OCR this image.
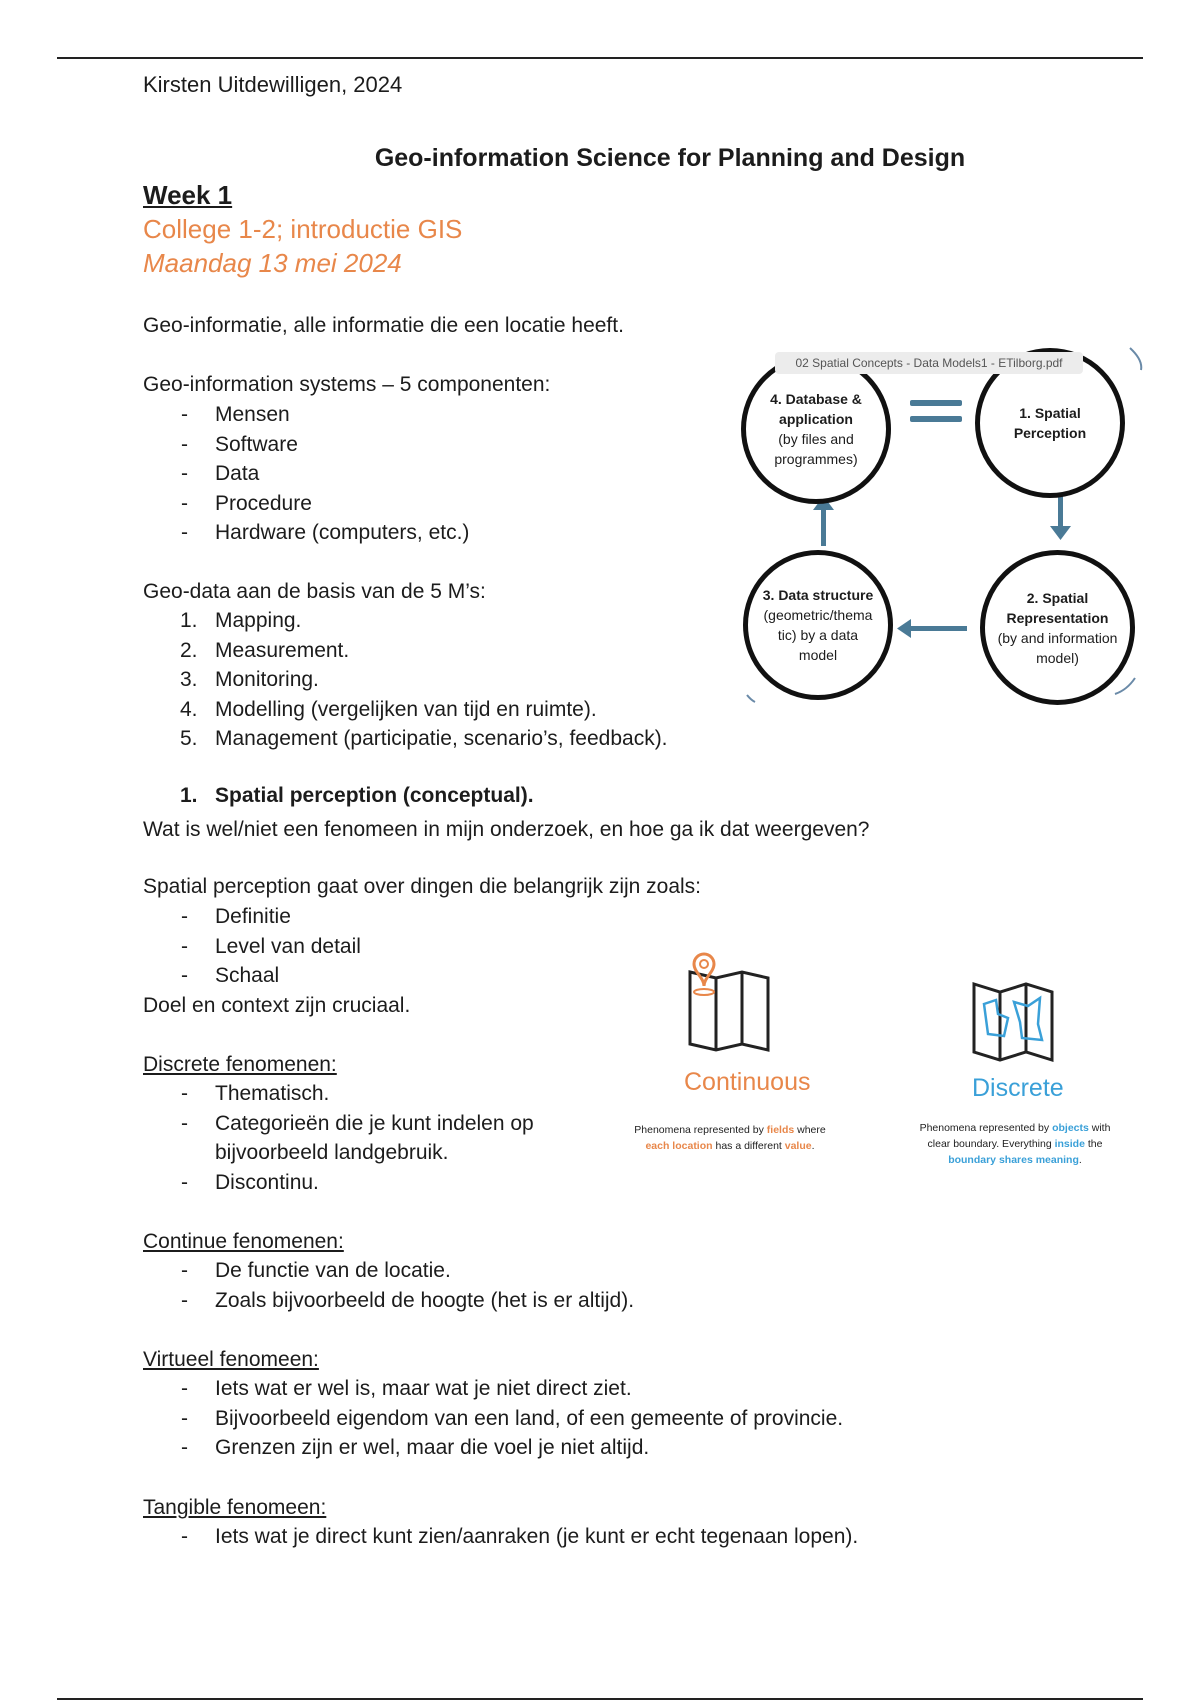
Kirsten Uitdewilligen, 2024
Geo-information Science for Planning and Design
Week 1
College 1-2; introductie GIS
Maandag 13 mei 2024
Geo-informatie, alle informatie die een locatie heeft.
Geo-information systems – 5 componenten:
- Mensen
- Software
- Data
- Procedure
- Hardware (computers, etc.)
Geo-data aan de basis van de 5 M’s:
1. Mapping.
2. Measurement.
3. Monitoring.
4. Modelling (vergelijken van tijd en ruimte).
5. Management (participatie, scenario’s, feedback).
1. Spatial perception (conceptual).
Wat is wel/niet een fenomeen in mijn onderzoek, en hoe ga ik dat weergeven?
Spatial perception gaat over dingen die belangrijk zijn zoals:
- Definitie
- Level van detail
- Schaal
Doel en context zijn cruciaal.
Discrete fenomenen:
- Thematisch.
- Categorieën die je kunt indelen op bijvoorbeeld landgebruik.
- Discontinu.
Continue fenomenen:
- De functie van de locatie.
- Zoals bijvoorbeeld de hoogte (het is er altijd).
Virtueel fenomeen:
- Iets wat er wel is, maar wat je niet direct ziet.
- Bijvoorbeeld eigendom van een land, of een gemeente of provincie.
- Grenzen zijn er wel, maar die voel je niet altijd.
Tangible fenomeen:
- Iets wat je direct kunt zien/aanraken (je kunt er echt tegenaan lopen).
4. Database &
application
(by files and
programmes)
1. Spatial
Perception
3. Data structure
(geometric/thema
tic) by a data
model
2. Spatial
Representation
(by and information
model)
02 Spatial Concepts - Data Models1 - ETilborg.pdf
Continuous
Phenomena represented by fields where each location has a different value.
Discrete
Phenomena represented by objects with clear boundary. Everything inside the boundary shares meaning.
